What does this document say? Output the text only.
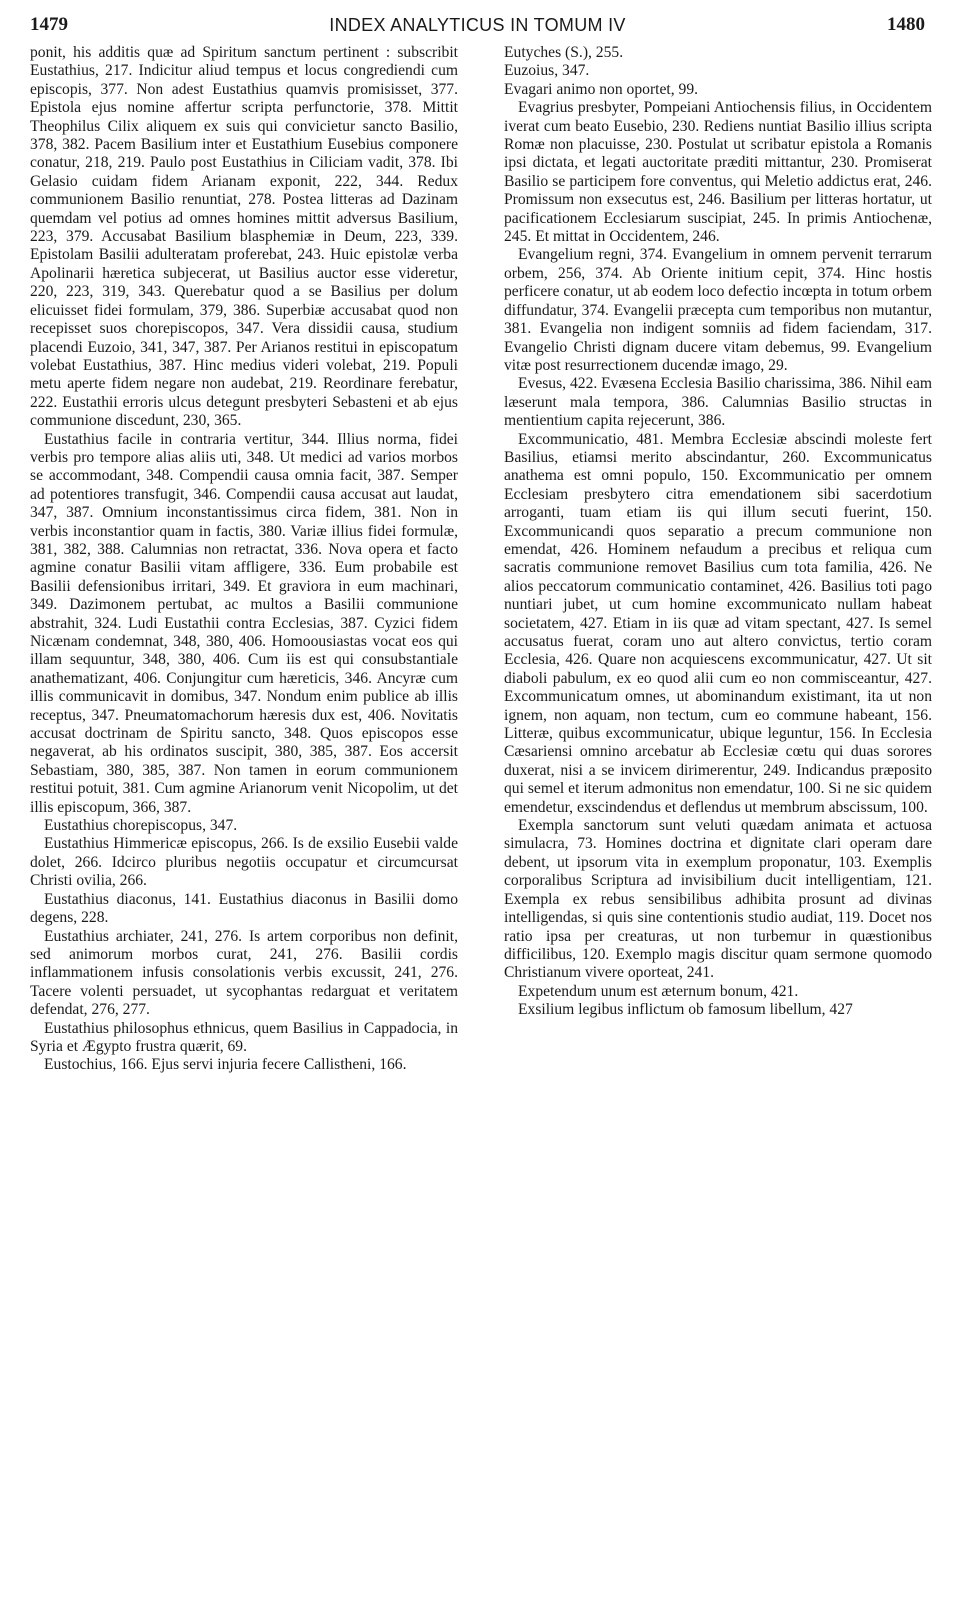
1479	INDEX ANALYTICUS IN TOMUM IV	1480

ponit, his additis quæ ad Spiritum sanctum pertinent : subscribit Eustathius, 217. Indicitur aliud tempus et locus congrediendi cum episcopis, 377. Non adest Eustathius quamvis promisisset, 377. Epistola ejus nomine affertur scripta perfunctorie, 378. Mittit Theophilus Cilix aliquem ex suis qui convicietur sancto Basilio, 378, 382. Pacem Basilium inter et Eustathium Eusebius componere conatur, 218, 219. Paulo post Eustathius in Ciliciam vadit, 378. Ibi Gelasio cuidam fidem Arianam exponit, 222, 344. Redux communionem Basilio renuntiat, 278. Postea litteras ad Dazinam quemdam vel potius ad omnes homines mittit adversus Basilium, 223, 379. Accusabat Basilium blasphemiæ in Deum, 223, 339. Epistolam Basilii adulteratam proferebat, 243. Huic epistolæ verba Apolinarii hæretica subjecerat, ut Basilius auctor esse videretur, 220, 223, 319, 343. Querebatur quod a se Basilius per dolum elicuisset fidei formulam, 379, 386. Superbiæ accusabat quod non recepisset suos chorepiscopos, 347. Vera dissidii causa, studium placendi Euzoio, 341, 347, 387. Per Arianos restitui in episcopatum volebat Eustathius, 387. Hinc medius videri volebat, 219. Populi metu aperte fidem negare non audebat, 219. Reordinare ferebatur, 222. Eustathii erroris ulcus detegunt presbyteri Sebasteni et ab ejus communione discedunt, 230, 365.

Eustathius facile in contraria vertitur, 344. Illius norma, fidei verbis pro tempore alias aliis uti, 348. Ut medici ad varios morbos se accommodant, 348. Compendii causa omnia facit, 387. Semper ad potentiores transfugit, 346. Compendii causa accusat aut laudat, 347, 387. Omnium inconstantissimus circa fidem, 381. Non in verbis inconstantior quam in factis, 380. Variæ illius fidei formulæ, 381, 382, 388. Calumnias non retractat, 336. Nova opera et facto agmine conatur Basilii vitam affligere, 336. Eum probabile est Basilii defensionibus irritari, 349. Et graviora in eum machinari, 349. Dazimonem pertubat, ac multos a Basilii communione abstrahit, 324. Ludi Eustathii contra Ecclesias, 387. Cyzici fidem Nicænam condemnat, 348, 380, 406. Homoousiastas vocat eos qui illam sequuntur, 348, 380, 406. Cum iis est qui consubstantiale anathematizant, 406. Conjungitur cum hæreticis, 346. Ancyræ cum illis communicavit in domibus, 347. Nondum enim publice ab illis receptus, 347. Pneumatomachorum hæresis dux est, 406. Novitatis accusat doctrinam de Spiritu sancto, 348. Quos episcopos esse negaverat, ab his ordinatos suscipit, 380, 385, 387. Eos accersit Sebastiam, 380, 385, 387. Non tamen in eorum communionem restitui potuit, 381. Cum agmine Arianorum venit Nicopolim, ut det illis episcopum, 366, 387.

Eustathius chorepiscopus, 347.

Eustathius Himmericæ episcopus, 266. Is de exsilio Eusebii valde dolet, 266. Idcirco pluribus negotiis occupatur et circumcursat Christi ovilia, 266.

Eustathius diaconus, 141. Eustathius diaconus in Basilii domo degens, 228.

Eustathius archiater, 241, 276. Is artem corporibus non definit, sed animorum morbos curat, 241, 276. Basilii cordis inflammationem infusis consolationis verbis excussit, 241, 276. Tacere volenti persuadet, ut sycophantas redarguat et veritatem defendat, 276, 277.

Eustathius philosophus ethnicus, quem Basilius in Cappadocia, in Syria et Ægypto frustra quærit, 69.

Eustochius, 166. Ejus servi injuria fecere Callistheni, 166.

Eutyches (S.), 255.

Euzoius, 347.

Evagari animo non oportet, 99.

Evagrius presbyter, Pompeiani Antiochensis filius, in Occidentem iverat cum beato Eusebio, 230. Rediens nuntiat Basilio illius scripta Romæ non placuisse, 230. Postulat ut scribatur epistola a Romanis ipsi dictata, et legati auctoritate præditi mittantur, 230. Promiserat Basilio se participem fore conventus, qui Meletio addictus erat, 246. Promissum non exsecutus est, 246. Basilium per litteras hortatur, ut pacificationem Ecclesiarum suscipiat, 245. In primis Antiochenæ, 245. Et mittat in Occidentem, 246.

Evangelium regni, 374. Evangelium in omnem pervenit terrarum orbem, 256, 374. Ab Oriente initium cepit, 374. Hinc hostis perficere conatur, ut ab eodem loco defectio incœpta in totum orbem diffundatur, 374. Evangelii præcepta cum temporibus non mutantur, 381. Evangelia non indigent somniis ad fidem faciendam, 317. Evangelio Christi dignam ducere vitam debemus, 99. Evangelium vitæ post resurrectionem ducendæ imago, 29.

Evesus, 422. Evæsena Ecclesia Basilio charissima, 386. Nihil eam læserunt mala tempora, 386. Calumnias Basilio structas in mentientium capita rejecerunt, 386.

Excommunicatio, 481. Membra Ecclesiæ abscindi moleste fert Basilius, etiamsi merito abscindantur, 260. Excommunicatus anathema est omni populo, 150. Excommunicatio per omnem Ecclesiam presbytero citra emendationem sibi sacerdotium arroganti, tuam etiam iis qui illum secuti fuerint, 150. Excommunicandi quos separatio a precum communione non emendat, 426. Hominem nefaudum a precibus et reliqua cum sacratis communione removet Basilius cum tota familia, 426. Ne alios peccatorum communicatio contaminet, 426. Basilius toti pago nuntiari jubet, ut cum homine excommunicato nullam habeat societatem, 427. Etiam in iis quæ ad vitam spectant, 427. Is semel accusatus fuerat, coram uno aut altero convictus, tertio coram Ecclesia, 426. Quare non acquiescens excommunicatur, 427. Ut sit diaboli pabulum, ex eo quod alii cum eo non commisceantur, 427. Excommunicatum omnes, ut abominandum existimant, ita ut non ignem, non aquam, non tectum, cum eo commune habeant, 156. Litteræ, quibus excommunicatur, ubique leguntur, 156. In Ecclesia Cæsariensi omnino arcebatur ab Ecclesiæ cœtu qui duas sorores duxerat, nisi a se invicem dirimerentur, 249. Indicandus præposito qui semel et iterum admonitus non emendatur, 100. Si ne sic quidem emendetur, exscindendus et deflendus ut membrum abscissum, 100.

Exempla sanctorum sunt veluti quædam animata et actuosa simulacra, 73. Homines doctrina et dignitate clari operam dare debent, ut ipsorum vita in exemplum proponatur, 103. Exemplis corporalibus Scriptura ad invisibilium ducit intelligentiam, 121. Exempla ex rebus sensibilibus adhibita prosunt ad divinas intelligendas, si quis sine contentionis studio audiat, 119. Docet nos ratio ipsa per creaturas, ut non turbemur in quæstionibus difficilibus, 120. Exemplo magis discitur quam sermone quomodo Christianum vivere oporteat, 241.

Expetendum unum est æternum bonum, 421.

Exsilium legibus inflictum ob famosum libellum, 427
